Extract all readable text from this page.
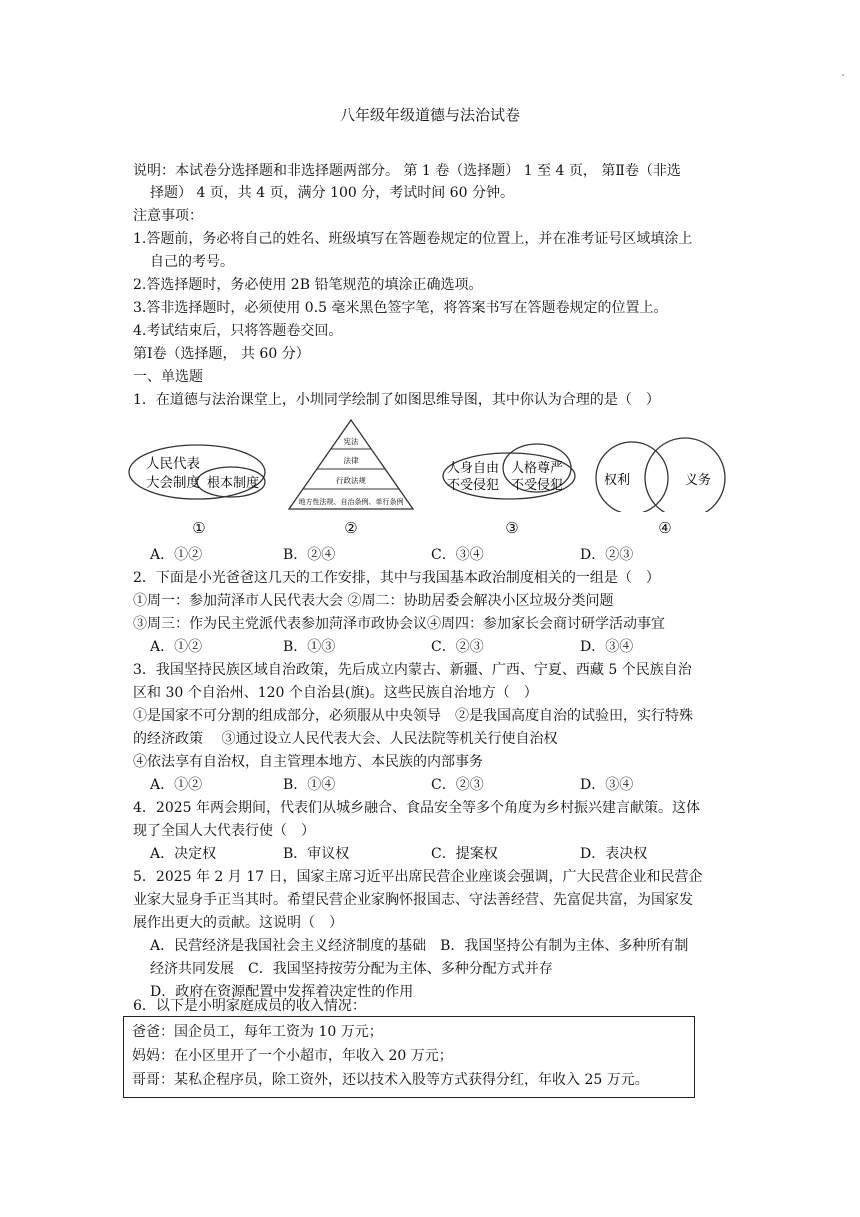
八年级年级道德与法治试卷
说明：本试卷分选择题和非选择题两部分。 第 1 卷（选择题） 1 至 4 页， 第Ⅱ卷（非选
择题） 4 页，共 4 页，满分 100 分，考试时间 60 分钟。
注意事项：
1.答题前，务必将自己的姓名、班级填写在答题卷规定的位置上，并在准考证号区域填涂上
自己的考号。
2.答选择题时，务必使用 2B 铅笔规范的填涂正确选项。
3.答非选择题时，必须使用 0.5 毫米黑色签字笔，将答案书写在答题卷规定的位置上。
4.考试结束后，只将答题卷交回。
第Ⅰ卷（选择题， 共 60 分）
一、单选题
1．在道德与法治课堂上，小圳同学绘制了如图思维导图，其中你认为合理的是（　）
人民代表
大会制度 根本制度
宪法
法律
行政法规
地方性法规、自治条例、单行条例
人身自由
不受侵犯
人格尊严
不受侵犯	权利	义务
①	②	③	④
A．①②	B．②④	C．③④	D．②③
2．下面是小光爸爸这几天的工作安排，其中与我国基本政治制度相关的一组是（　）
①周一：参加菏泽市人民代表大会 ②周二：协助居委会解决小区垃圾分类问题
③周三：作为民主党派代表参加菏泽市政协会议④周四：参加家长会商讨研学活动事宜
A．①②	B．①③	C．②③	D．③④
3．我国坚持民族区域自治政策，先后成立内蒙古、新疆、广西、宁夏、西藏 5 个民族自治
区和 30 个自治州、120 个自治县(旗)。这些民族自治地方（　）
①是国家不可分割的组成部分，必须服从中央领导　②是我国高度自治的试验田，实行特殊
的经济政策　 ③通过设立人民代表大会、人民法院等机关行使自治权
④依法享有自治权，自主管理本地方、本民族的内部事务
A．①②	B．①④	C．②③	D．③④
4．2025 年两会期间，代表们从城乡融合、食品安全等多个角度为乡村振兴建言献策。这体
现了全国人大代表行使（　）
A．决定权	B．审议权	C．提案权	D．表决权
5．2025 年 2 月 17 日，国家主席习近平出席民营企业座谈会强调，广大民营企业和民营企
业家大显身手正当其时。希望民营企业家胸怀报国志、守法善经营、先富促共富，为国家发
展作出更大的贡献。这说明（　）
A．民营经济是我国社会主义经济制度的基础　B．我国坚持公有制为主体、多种所有制
经济共同发展　C．我国坚持按劳分配为主体、多种分配方式并存
D．政府在资源配置中发挥着决定性的作用
6．以下是小明家庭成员的收入情况：
爸爸：国企员工，每年工资为 10 万元；
妈妈：在小区里开了一个小超市，年收入 20 万元；
哥哥：某私企程序员，除工资外，还以技术入股等方式获得分红，年收入 25 万元。
